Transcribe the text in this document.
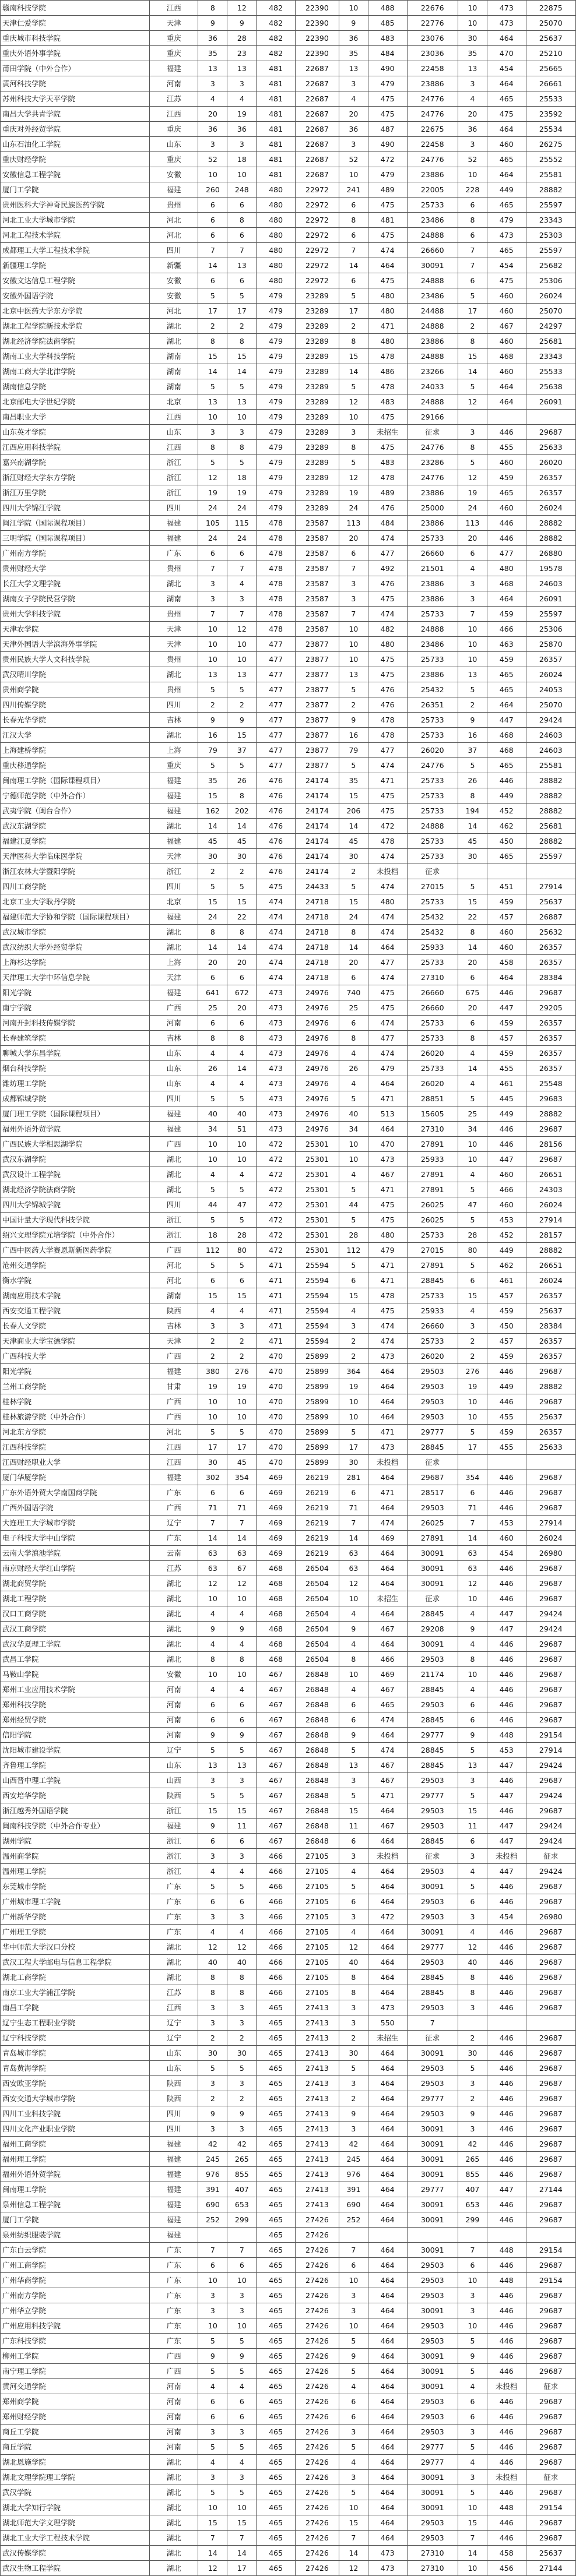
赣南科技学院	江西	8	12	482	22390	10	488	22676	10	473	22875
天津仁爱学院	天津	9	9	482	22390	9	485	22776	10	473	25070
重庆城市科技学院	重庆	36	28	482	22390	36	483	23076	30	464	25637
重庆外语外事学院	重庆	35	23	482	22390	35	484	23036	35	470	25210
莆田学院（中外合作）	福建	13	13	481	22687	13	490	22458	13	454	25665
黄河科技学院	河南	3	3	481	22687	3	479	23886	3	464	26661
苏州科技大学天平学院	江苏	4	4	481	22687	4	475	24776	4	465	25533
南昌大学共青学院	江西	20	19	481	22687	20	475	24776	20	475	23592
重庆对外经贸学院	重庆	36	36	481	22687	36	487	22675	36	464	25534
山东石油化工学院	山东	3	3	481	22687	3	490	22458	3	460	26275
重庆财经学院	重庆	52	18	481	22687	52	472	24776	52	465	25552
安徽信息工程学院	安徽	10	10	481	22687	10	479	23886	10	464	25581
厦门工学院	福建	260	248	480	22972	241	489	22005	228	449	28882
贵州医科大学神奇民族医药学院	贵州	6	6	480	22972	6	475	25733	6	465	25597
河北工业大学城市学院	河北	6	8	480	22972	8	481	23486	8	479	23343
河北工程技术学院	河北	6	6	480	22972	6	475	24888	6	473	25303
成都理工大学工程技术学院	四川	7	7	480	22972	7	474	26660	7	465	25597
新疆理工学院	新疆	14	13	480	22972	14	464	30091	7	454	25682
安徽文达信息工程学院	安徽	6	6	480	22972	6	475	24888	6	475	25306
安徽外国语学院	安徽	5	5	479	23289	5	480	23486	5	460	26024
北京中医药大学东方学院	河北	17	17	479	23289	17	480	24488	17	460	25070
湖北工程学院新技术学院	湖北	2	2	479	23289	2	471	24888	2	467	24297
湖北经济学院法商学院	湖北	8	8	479	23289	8	480	23886	8	460	25681
湖南工业大学科技学院	湖南	15	15	479	23289	15	478	24888	15	468	23343
湖南工商大学北津学院	湖南	14	14	479	23289	14	486	23266	14	460	25533
湖南信息学院	湖南	5	5	479	23289	5	478	24033	5	464	25638
北京邮电大学世纪学院	北京	13	13	479	23289	12	483	24888	12	464	26091
南昌职业大学	江西	10	10	479	23289	10	475	29166			
山东英才学院	山东	3	3	479	23289	3	未招生	征求	3	446	29687
江西应用科技学院	江西	8	8	479	23289	8	475	24776	8	455	25633
嘉兴南湖学院	浙江	5	5	479	23289	5	483	23286	5	460	26020
浙江财经大学东方学院	浙江	12	18	479	23289	12	478	24776	12	459	26357
浙江万里学院	浙江	19	19	479	23289	19	489	23886	19	465	26357
四川大学锦江学院	四川	24	24	479	23289	24	476	25000	24	460	26024
闽江学院（国际课程项目）	福建	105	115	478	23587	113	484	23886	113	446	28882
三明学院（国际课程项目）	福建	24	24	478	23587	20	474	25733	20	446	28882
广州南方学院	广东	6	6	478	23587	6	477	26660	6	477	26880
贵州财经大学	贵州	7	7	478	23587	7	492	21501	4	480	19578
长江大学文理学院	湖北	3	4	478	23587	3	476	23886	3	468	24603
湖南女子学院民营学院	湖南	3	3	478	23587	3	475	23886	3	464	26091
贵州大学科技学院	贵州	7	7	478	23587	7	474	25733	7	459	25597
天津农学院	天津	10	12	478	23587	10	482	24888	10	466	25306
天津外国语大学滨海外事学院	天津	10	10	477	23877	10	480	23486	10	463	25870
贵州民族大学人文科技学院	贵州	10	10	477	23877	10	475	25733	10	459	26357
武汉晴川学院	湖北	13	13	477	23877	13	475	23886	13	465	26024
贵州商学院	贵州	5	5	477	23877	5	476	25432	5	465	24053
四川传媒学院	四川	2	2	477	23877	2	476	26351	2	464	25070
长春光华学院	吉林	9	9	477	23877	9	478	25733	9	447	29424
江汉大学	湖北	16	15	477	23877	16	478	25733	16	468	24603
上海建桥学院	上海	79	37	477	23877	79	477	26020	37	468	24603
重庆移通学院	重庆	5	5	477	23877	5	474	24776	5	465	25581
闽南理工学院（国际课程项目）	福建	35	26	476	24174	35	471	25733	26	446	28882
宁德师范学院（中外合作）	福建	15	8	476	24174	15	475	25733	8	449	28882
武夷学院（闽台合作）	福建	162	202	476	24174	206	475	25733	194	452	28882
武汉东湖学院	湖北	14	14	476	24174	14	472	24888	14	462	25681
福建江夏学院	福建	45	45	476	24174	45	478	25733	45	450	28882
天津医科大学临床医学院	天津	30	30	476	24174	30	474	25733	30	465	25597
浙江农林大学暨阳学院	浙江	2	2	476	24174	2	未投档	征求			
四川工商学院	四川	5	5	475	24433	5	474	27015	5	451	27914
北京工业大学耿丹学院	北京	15	15	474	24718	15	480	25733	15	459	25637
福建师范大学协和学院（国际课程项目）	福建	24	22	474	24718	24	474	25432	22	457	26887
武汉城市学院	湖北	8	8	474	24718	8	474	25432	8	460	25632
武汉纺织大学外经贸学院	湖北	14	14	474	24718	14	464	25933	14	460	26357
上海杉达学院	上海	20	20	474	24718	20	477	25733	20	458	26357
天津理工大学中环信息学院	天津	6	6	474	24718	6	474	27310	6	464	28384
阳光学院	福建	641	672	473	24976	740	475	26660	675	446	29687
南宁学院	广西	25	20	473	24976	25	475	26660	20	447	29205
河南开封科技传媒学院	河南	6	6	473	24976	6	474	25733	6	459	26357
长春建筑学院	吉林	8	8	473	24976	8	477	25733	8	457	26357
聊城大学东昌学院	山东	4	4	473	24976	4	474	26020	4	459	26357
烟台科技学院	山东	26	14	473	24976	26	479	25733	14	455	26357
潍坊理工学院	山东	4	4	473	24976	4	464	26020	4	461	25548
成都锦城学院	四川	5	5	473	24976	5	471	28851	5	445	29683
厦门理工学院（国际课程项目）	福建	40	40	473	24976	40	513	15605	25	449	28882
福州外语外贸学院	福建	34	51	473	24976	34	464	27310	34	446	29687
广西民族大学相思湖学院	广西	10	10	472	25301	10	470	27891	10	446	28156
武汉东湖学院	湖北	10	10	472	25301	10	473	25933	10	447	29687
武汉设计工程学院	湖北	4	4	472	25301	4	467	27891	4	460	26651
湖北经济学院法商学院	湖北	5	5	472	25301	5	471	27891	5	466	24303
四川大学锦城学院	四川	44	47	472	25301	44	475	26025	47	460	26024
中国计量大学现代科技学院	浙江	5	5	472	25301	5	475	26025	5	453	27914
绍兴文理学院元培学院（中外合作）	浙江	18	28	472	25301	28	480	25733	28	452	28157
广西中医药大学赛恩斯新医药学院	广西	112	80	472	25301	112	479	27015	80	449	28882
沧州交通学院	河北	5	5	471	25594	5	471	27891	5	462	26651
衡水学院	河北	6	6	471	25594	6	471	28845	6	461	26024
湖南应用技术学院	湖南	15	15	471	25594	15	478	25733	15	457	26357
西安交通工程学院	陕西	4	4	471	25594	4	475	25933	4	459	25637
长春人文学院	吉林	3	3	471	25594	3	474	26660	3	450	28384
天津商业大学宝德学院	天津	2	2	471	25594	2	474	25733	2	457	26357
广西科技大学	广西	2	2	470	25899	2	473	26020	2	459	26357
阳光学院	福建	380	276	470	25899	364	464	29503	276	446	29687
兰州工商学院	甘肃	19	19	470	25899	19	464	29503	19	449	28882
桂林学院	广西	10	10	470	25899	10	464	29503	10	446	29687
桂林旅游学院（中外合作）	广西	10	10	470	25899	10	464	29503	10	455	25637
河北东方学院	河北	5	5	470	25899	5	471	29777	5	459	26357
江西科技学院	江西	17	17	470	25899	17	473	28845	17	455	25633
江西财经职业大学	江西	30	45	470	25899	30	未投档	征求			
厦门华厦学院	福建	302	354	469	26219	281	464	29687	354	446	29687
广东外语外贸大学南国商学院	广东	6	6	469	26219	6	471	28517	6	446	29687
广西外国语学院	广西	71	71	469	26219	71	464	29503	71	446	29687
大连理工大学城市学院	辽宁	7	7	469	26219	7	474	26025	7	453	27914
电子科技大学中山学院	广东	14	14	469	26219	14	469	27891	14	460	26024
云南大学滇池学院	云南	63	63	469	26219	63	464	30091	63	454	26980
南京财经大学红山学院	江苏	63	67	468	26504	63	464	30091	63	446	29687
湖北商贸学院	湖北	12	12	468	26504	12	464	30091	12	446	29687
湖北工程学院	湖北	10	10	468	26504	10	未招生	征求	10	446	29687
汉口工商学院	湖北	4	4	468	26504	4	464	28845	4	447	29424
武汉工商学院	湖北	9	9	468	26504	9	467	29208	9	447	29424
武汉华夏理工学院	湖北	4	4	468	26504	4	464	30091	4	446	29687
武昌工学院	湖北	8	8	468	26504	8	466	29503	8	446	29687
马鞍山学院	安徽	10	10	467	26848	10	469	21174	10	446	29687
郑州工业应用技术学院	河南	4	4	467	26848	4	467	28845	4	446	29687
郑州科技学院	河南	6	6	467	26848	6	465	29503	6	446	29687
郑州经贸学院	河南	6	6	467	26848	6	474	28845	6	446	29687
信阳学院	河南	9	9	467	26848	9	464	29777	9	448	29154
沈阳城市建设学院	辽宁	5	5	467	26848	5	474	28845	5	453	27914
齐鲁理工学院	山东	13	13	467	26848	13	467	28845	13	447	29424
山西晋中理工学院	山西	3	3	467	26848	3	467	29503	3	446	29687
西安培华学院	陕西	5	5	467	26848	5	471	29777	5	447	29424
浙江越秀外国语学院	浙江	15	15	467	26848	15	464	29503	15	446	29687
闽南科技学院（中外合作专业）	福建	9	11	467	26848	11	467	29503	11	447	29424
湖州学院	浙江	6	6	467	26848	6	464	28845	6	447	29424
温州商学院	浙江	3	3	466	27105	3	未投档	征求	3	未投档	征求
温州理工学院	浙江	4	4	466	27105	4	464	29503	4	447	29424
东莞城市学院	广东	5	5	466	27105	5	464	30091	5	446	29687
广州城市理工学院	广东	6	6	466	27105	6	464	29503	6	446	29687
广州新华学院	广东	3	3	466	27105	3	472	29503	3	454	26980
广州理工学院	广东	4	4	466	27105	4	464	30091	4	446	29687
华中师范大学汉口分校	湖北	12	12	466	27105	12	464	29777	12	446	29687
武汉工程大学邮电与信息工程学院	湖北	40	40	466	27105	40	464	29503	40	446	29687
湖北工商学院	湖北	8	8	466	27105	8	464	28845	8	446	29687
南京工业大学浦江学院	江苏	8	8	466	27105	8	464	28845	8	446	29687
南昌工学院	江西	3	3	465	27413	3	473	29503	3	446	29687
辽宁生态工程职业学院	辽宁	3	3	465	27413	3	550	7			
辽宁科技学院	辽宁	2	2	465	27413	2	未招生	征求	2	446	29687
青岛城市学院	山东	30	30	465	27413	30	464	30091	30	446	29687
青岛黄海学院	山东	5	5	465	27413	5	464	29503	5	446	29687
西安欧亚学院	陕西	3	3	465	27413	3	464	29503	3	446	29687
西安交通大学城市学院	陕西	2	2	465	27413	2	464	29777	2	446	29687
四川工业科技学院	四川	9	9	465	27413	9	464	29503	9	446	29687
四川文化产业职业学院	四川	3	3	465	27413	3	464	30091	3	446	29687
福州工商学院	福建	42	42	465	27413	42	464	30091	42	446	29687
福州理工学院	福建	245	265	465	27413	245	464	30091	265	446	29687
福州外语外贸学院	福建	976	855	465	27413	976	464	30091	855	446	29687
闽南理工学院	福建	391	407	465	27413	391	464	29777	407	447	27144
泉州信息工程学院	福建	690	653	465	27413	690	464	30091	653	446	29687
厦门工学院	福建	252	299	465	27426	252	464	30091	299	446	29687
泉州纺织服装学院	福建			465	27426						
广东白云学院	广东	7	7	465	27426	7	464	30091	7	448	29154
广州工商学院	广东	6	6	465	27426	6	464	29503	6	446	29687
广州华商学院	广东	10	10	465	27426	10	464	29503	10	448	29154
广州南方学院	广东	3	3	465	27426	3	464	29503	3	446	29687
广州华立学院	广东	3	3	465	27426	3	464	30091	3	446	29687
广州应用科技学院	广东	10	10	465	27426	10	464	29503	10	446	29687
广东科技学院	广东	5	5	465	27426	5	464	29503	5	446	29687
柳州工学院	广西	9	9	465	27426	9	464	30091	9	446	29687
南宁理工学院	广西	5	5	465	27426	5	464	30091	5	446	29687
黄河交通学院	河南	4	4	465	27426	4	464	30091	4	未投档	征求
郑州商学院	河南	6	6	465	27426	6	464	29503	6	446	29687
郑州财经学院	河南	6	6	465	27426	6	464	29503	6	446	29687
商丘工学院	河南	3	3	465	27426	3	464	29503	3	446	29687
商丘学院	河南	5	5	465	27426	5	464	29777	5	446	29687
湖北恩施学院	湖北	4	4	465	27426	4	464	29777	4	446	29687
湖北文理学院理工学院	湖北	3	3	465	27426	3	464	30091	3	未投档	征求
武汉学院	湖北	5	5	465	27426	5	464	30091	5	446	29687
湖北大学知行学院	湖北	10	10	465	27426	10	464	30091	10	448	29154
湖北师范大学文理学院	湖北	15	15	465	27426	15	464	29503	15	446	29687
湖北工业大学工程技术学院	湖北	7	7	465	27426	7	464	29503	7	446	29687
武汉传媒学院	湖北	14	14	465	27426	14	473	27310	14	458	25637
武汉生物工程学院	湖北	12	17	465	27426	12	473	27310	10	456	27144
